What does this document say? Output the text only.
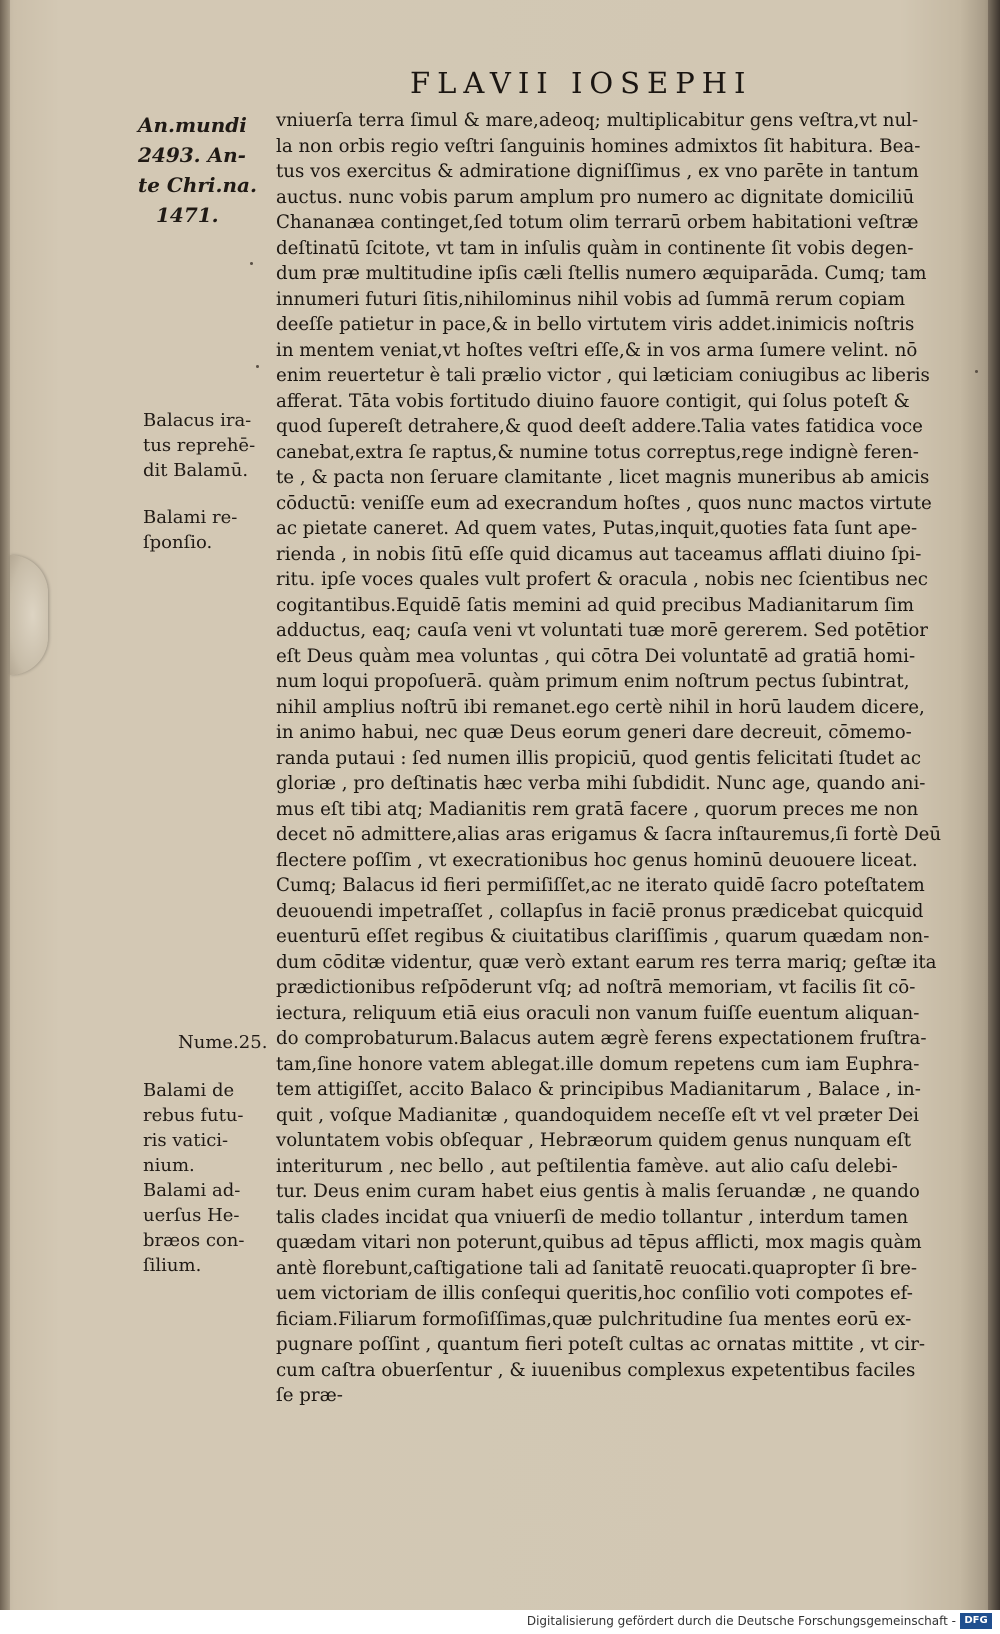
FLAVII IOSEPHI
An.mundi
2493. An-
te Chri.na.
1471.
Balacus ira-
tus reprehē-
dit Balamū.
Balami re-
ſponſio.
Nume.25.
Balami de
rebus futu-
ris vatici-
nium.
Balami ad-
uerſus He-
bræos con-
ſilium.
vniuerſa terra ſimul & mare,adeoq; multiplicabitur gens veſtra,vt nul-
la non orbis regio veſtri ſanguinis homines admixtos ſit habitura. Bea-
tus vos exercitus & admiratione digniſſimus , ex vno parēte in tantum
auctus. nunc vobis parum amplum pro numero ac dignitate domiciliū
Chananæa continget,ſed totum olim terrarū orbem habitationi veſtræ
deſtinatū ſcitote, vt tam in inſulis quàm in continente ſit vobis degen-
dum præ multitudine ipſis cæli ſtellis numero æquiparāda. Cumq; tam
innumeri futuri ſitis,nihilominus nihil vobis ad ſummā rerum copiam
deeſſe patietur in pace,& in bello virtutem viris addet.inimicis noſtris
in mentem veniat,vt hoſtes veſtri eſſe,& in vos arma ſumere velint. nō
enim reuertetur è tali prælio victor , qui læticiam coniugibus ac liberis
afferat. Tāta vobis fortitudo diuino fauore contigit, qui ſolus poteſt &
quod ſupereſt detrahere,& quod deeſt addere.Talia vates fatidica voce
canebat,extra ſe raptus,& numine totus correptus,rege indignè feren-
te , & pacta non ſeruare clamitante , licet magnis muneribus ab amicis
cōductū: veniſſe eum ad execrandum hoſtes , quos nunc mactos virtute
ac pietate caneret. Ad quem vates, Putas,inquit,quoties fata ſunt ape-
rienda , in nobis ſitū eſſe quid dicamus aut taceamus afflati diuino ſpi-
ritu. ipſe voces quales vult profert & oracula , nobis nec ſcientibus nec
cogitantibus.Equidē ſatis memini ad quid precibus Madianitarum ſim
adductus, eaq; cauſa veni vt voluntati tuæ morē gererem. Sed potētior
eſt Deus quàm mea voluntas , qui cōtra Dei voluntatē ad gratiā homi-
num loqui propoſuerā. quàm primum enim noſtrum pectus ſubintrat,
nihil amplius noſtrū ibi remanet.ego certè nihil in horū laudem dicere,
in animo habui, nec quæ Deus eorum generi dare decreuit, cōmemo-
randa putaui : ſed numen illis propiciū, quod gentis felicitati ſtudet ac
gloriæ , pro deſtinatis hæc verba mihi ſubdidit. Nunc age, quando ani-
mus eſt tibi atq; Madianitis rem gratā facere , quorum preces me non
decet nō admittere,alias aras erigamus & ſacra inſtauremus,ſi fortè Deū
flectere poſſim , vt execrationibus hoc genus hominū deuouere liceat.
Cumq; Balacus id fieri permiſiſſet,ac ne iterato quidē ſacro poteſtatem
deuouendi impetraſſet , collapſus in faciē pronus prædicebat quicquid
euenturū eſſet regibus & ciuitatibus clariſſimis , quarum quædam non-
dum cōditæ videntur, quæ verò extant earum res terra mariq; geſtæ ita
prædictionibus reſpōderunt vſq; ad noſtrā memoriam, vt facilis ſit cō-
iectura, reliquum etiā eius oraculi non vanum fuiſſe euentum aliquan-
do comprobaturum.Balacus autem ægrè ferens expectationem fruſtra-
tam,ſine honore vatem ablegat.ille domum repetens cum iam Euphra-
tem attigiſſet, accito Balaco & principibus Madianitarum , Balace , in-
quit , voſque Madianitæ , quandoquidem neceſſe eſt vt vel præter Dei
voluntatem vobis obſequar , Hebræorum quidem genus nunquam eſt
interiturum , nec bello , aut peſtilentia famève. aut alio caſu delebi-
tur. Deus enim curam habet eius gentis à malis ſeruandæ , ne quando
talis clades incidat qua vniuerſi de medio tollantur , interdum tamen
quædam vitari non poterunt,quibus ad tēpus afflicti, mox magis quàm
antè florebunt,caſtigatione tali ad ſanitatē reuocati.quapropter ſi bre-
uem victoriam de illis conſequi queritis,hoc conſilio voti compotes ef-
ficiam.Filiarum formoſiſſimas,quæ pulchritudine ſua mentes eorū ex-
pugnare poſſint , quantum fieri poteſt cultas ac ornatas mittite , vt cir-
cum caſtra obuerſentur , & iuuenibus complexus expetentibus faciles
ſe præ-
Digitalisierung gefördert durch die Deutsche Forschungsgemeinschaft - DFG
